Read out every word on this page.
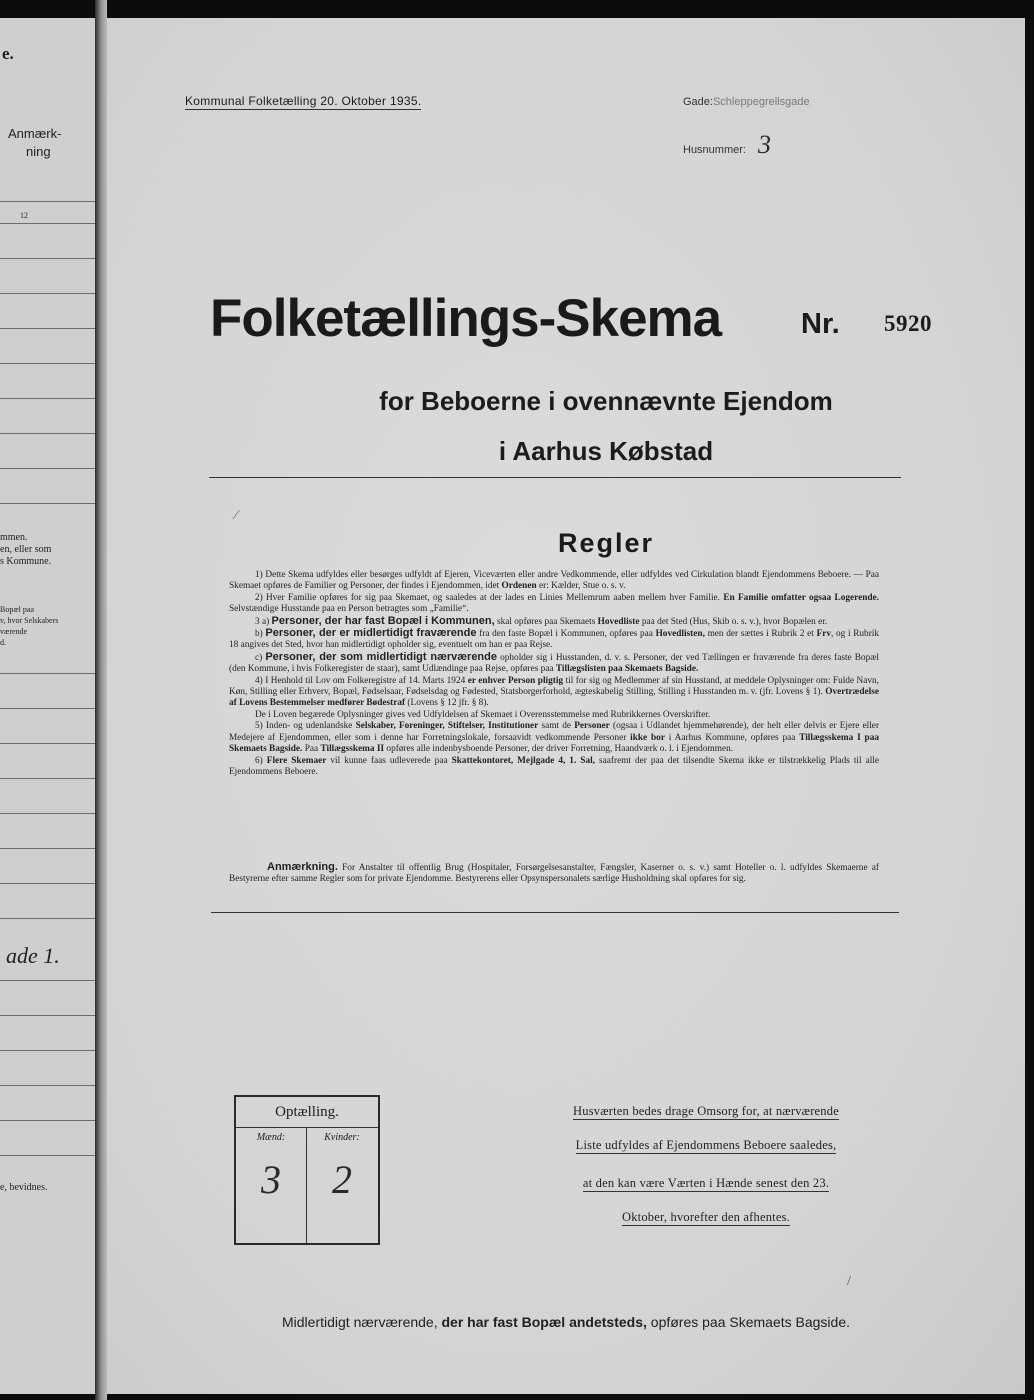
e.
Anmærk-
ning
12
mmen.
en, eller som
s Kommune.
Bopæl paa
v, hvor Selskabers
værende
d.
ade 1.
e, bevidnes.
Kommunal Folketælling 20. Oktober 1935.	Gade:Schleppegrellsgade
Husnummer: 3
Folketællings-Skema	Nr. 5920
for Beboerne i ovennævnte Ejendom
i Aarhus Købstad
⁄
Regler

1) Dette Skema udfyldes eller besørges udfyldt af Ejeren, Viceværten eller andre Vedkommende, eller udfyldes ved Cirkulation blandt Ejendommens Beboere. — Paa Skemaet opføres de Familier og Personer, der findes i Ejendommen, idet Ordenen er: Kælder, Stue o. s. v.

2) Hver Familie opføres for sig paa Skemaet, og saaledes at der lades en Linies Mellemrum aaben mellem hver Familie. En Familie omfatter ogsaa Logerende. Selvstændige Husstande paa en Person betragtes som „Familie“.

3 a) Personer, der har fast Bopæl i Kommunen, skal opføres paa Skemaets Hovedliste paa det Sted (Hus, Skib o. s. v.), hvor Bopælen er.

b) Personer, der er midlertidigt fraværende fra den faste Bopæl i Kommunen, opføres paa Hovedlisten, men der sættes i Rubrik 2 et Frv, og i Rubrik 18 angives det Sted, hvor han midlertidigt opholder sig, eventuelt om han er paa Rejse.

c) Personer, der som midlertidigt nærværende opholder sig i Husstanden, d. v. s. Personer, der ved Tællingen er fraværende fra deres faste Bopæl (den Kommune, i hvis Folkeregister de staar), samt Udlændinge paa Rejse, opføres paa Tillægslisten paa Skemaets Bagside.

4) I Henhold til Lov om Folkeregistre af 14. Marts 1924 er enhver Person pligtig til for sig og Medlemmer af sin Husstand, at meddele Oplysninger om: Fulde Navn, Køn, Stilling eller Erhverv, Bopæl, Fødselsaar, Fødselsdag og Fødested, Statsborgerforhold, ægteskabelig Stilling, Stilling i Husstanden m. v. (jfr. Lovens § 1). Overtrædelse af Lovens Bestemmelser medfører Bødestraf (Lovens § 12 jfr. § 8).

De i Loven begærede Oplysninger gives ved Udfyldelsen af Skemaet i Overensstemmelse med Rubrikkernes Overskrifter.

5) Inden- og udenlandske Selskaber, Foreninger, Stiftelser, Institutioner samt de Personer (ogsaa i Udlandet hjemmehørende), der helt eller delvis er Ejere eller Medejere af Ejendommen, eller som i denne har Forretningslokale, forsaavidt vedkommende Personer ikke bor i Aarhus Kommune, opføres paa Tillægsskema I paa Skemaets Bagside. Paa Tillægsskema II opføres alle indenbysboende Personer, der driver Forretning, Haandværk o. l. i Ejendommen.

6) Flere Skemaer vil kunne faas udleverede paa Skattekontoret, Mejlgade 4, 1. Sal, saafremt der paa det tilsendte Skema ikke er tilstrækkelig Plads til alle Ejendommens Beboere.

Anmærkning. For Anstalter til offentlig Brug (Hospitaler, Forsørgelsesanstalter, Fængsler, Kaserner o. s. v.) samt Hoteller o. l. udfyldes Skemaerne af Bestyrerne efter samme Regler som for private Ejendomme. Bestyrerens eller Opsynspersonalets særlige Husholdning skal opføres for sig.

Optælling.
Mænd:
3
Kvinder:
2
Husværten bedes drage Omsorg for, at nærværende
Liste udfyldes af Ejendommens Beboere saaledes,
at den kan være Værten i Hænde senest den 23.
Oktober, hvorefter den afhentes.
/
Midlertidigt nærværende, der har fast Bopæl andetsteds, opføres paa Skemaets Bagside.
